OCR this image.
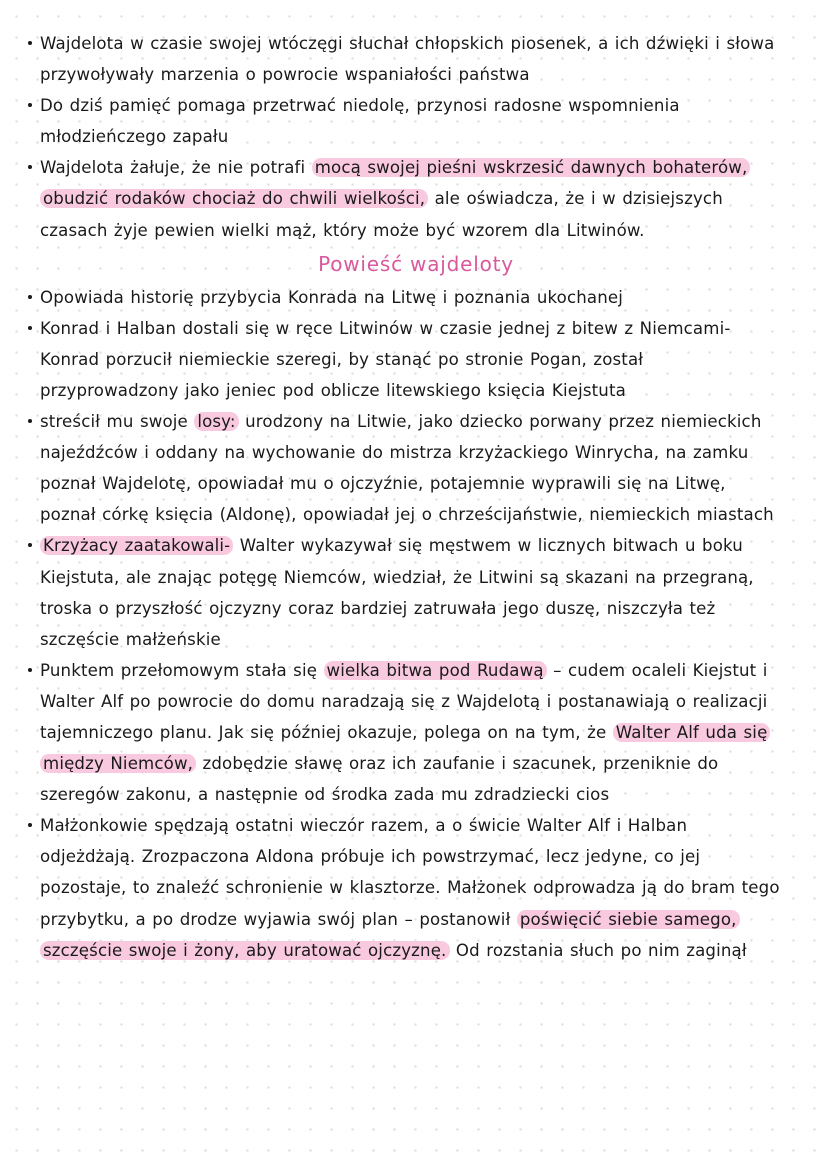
Wajdelota w czasie swojej wtóczęgi słuchał chłopskich piosenek, a ich dźwięki i słowa przywoływały marzenia o powrocie wspaniałości państwa
Do dziś pamięć pomaga przetrwać niedolę, przynosi radosne wspomnienia młodzieńczego zapału
Wajdelota żałuje, że nie potrafi mocą swojej pieśni wskrzesić dawnych bohaterów, obudzić rodaków chociaż do chwili wielkości, ale oświadcza, że i w dzisiejszych czasach żyje pewien wielki mąż, który może być wzorem dla Litwinów.
Powieść wajdeloty
Opowiada historię przybycia Konrada na Litwę i poznania ukochanej
Konrad i Halban dostali się w ręce Litwinów w czasie jednej z bitew z Niemcami- Konrad porzucił niemieckie szeregi, by stanąć po stronie Pogan, został przyprowadzony jako jeniec pod oblicze litewskiego księcia Kiejstuta
streścił mu swoje losy: urodzony na Litwie, jako dziecko porwany przez niemieckich najeźdźców i oddany na wychowanie do mistrza krzyżackiego Winrycha, na zamku poznał Wajdelotę, opowiadał mu o ojczyźnie, potajemnie wyprawili się na Litwę, poznał córkę księcia (Aldonę), opowiadał jej o chrześcijaństwie, niemieckich miastach
Krzyżacy zaatakowali- Walter wykazywał się męstwem w licznych bitwach u boku Kiejstuta, ale znając potęgę Niemców, wiedział, że Litwini są skazani na przegraną, troska o przyszłość ojczyzny coraz bardziej zatruwała jego duszę, niszczyła też szczęście małżeńskie
Punktem przełomowym stała się wielka bitwa pod Rudawą – cudem ocaleli Kiejstut i Walter Alf po powrocie do domu naradzają się z Wajdelotą i postanawiają o realizacji tajemniczego planu. Jak się później okazuje, polega on na tym, że Walter Alf uda się między Niemców, zdobędzie sławę oraz ich zaufanie i szacunek, przeniknie do szeregów zakonu, a następnie od środka zada mu zdradziecki cios
Małżonkowie spędzają ostatni wieczór razem, a o świcie Walter Alf i Halban odjeżdżają. Zrozpaczona Aldona próbuje ich powstrzymać, lecz jedyne, co jej pozostaje, to znaleźć schronienie w klasztorze. Małżonek odprowadza ją do bram tego przybytku, a po drodze wyjawia swój plan – postanowił poświęcić siebie samego, szczęście swoje i żony, aby uratować ojczyznę. Od rozstania słuch po nim zaginął
